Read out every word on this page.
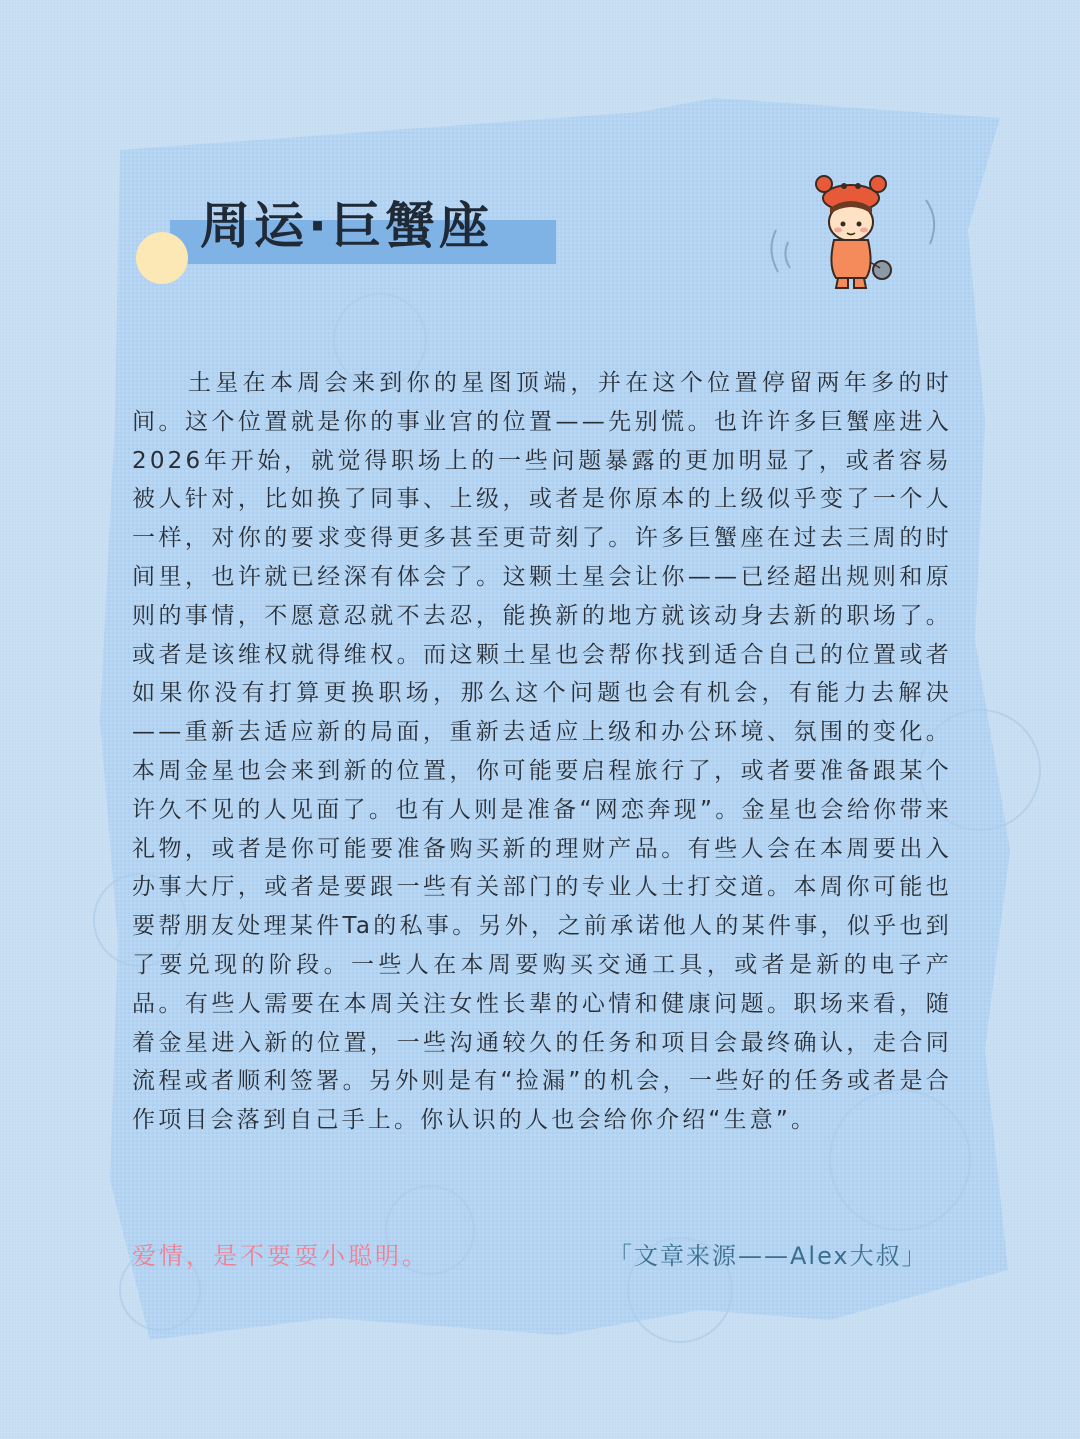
周运·巨蟹座

土星在本周会来到你的星图顶端，并在这个位置停留两年多的时间。这个位置就是你的事业宫的位置——先别慌。也许许多巨蟹座进入2026年开始，就觉得职场上的一些问题暴露的更加明显了，或者容易被人针对，比如换了同事、上级，或者是你原本的上级似乎变了一个人一样，对你的要求变得更多甚至更苛刻了。许多巨蟹座在过去三周的时间里，也许就已经深有体会了。这颗土星会让你——已经超出规则和原则的事情，不愿意忍就不去忍，能换新的地方就该动身去新的职场了。或者是该维权就得维权。而这颗土星也会帮你找到适合自己的位置或者如果你没有打算更换职场，那么这个问题也会有机会，有能力去解决——重新去适应新的局面，重新去适应上级和办公环境、氛围的变化。本周金星也会来到新的位置，你可能要启程旅行了，或者要准备跟某个许久不见的人见面了。也有人则是准备“网恋奔现”。金星也会给你带来礼物，或者是你可能要准备购买新的理财产品。有些人会在本周要出入办事大厅，或者是要跟一些有关部门的专业人士打交道。本周你可能也要帮朋友处理某件Ta的私事。另外，之前承诺他人的某件事，似乎也到了要兑现的阶段。一些人在本周要购买交通工具，或者是新的电子产品。有些人需要在本周关注女性长辈的心情和健康问题。职场来看，随着金星进入新的位置，一些沟通较久的任务和项目会最终确认，走合同流程或者顺利签署。另外则是有“捡漏”的机会，一些好的任务或者是合作项目会落到自己手上。你认识的人也会给你介绍“生意”。

爱情，是不要耍小聪明。	「文章来源——Alex大叔」
